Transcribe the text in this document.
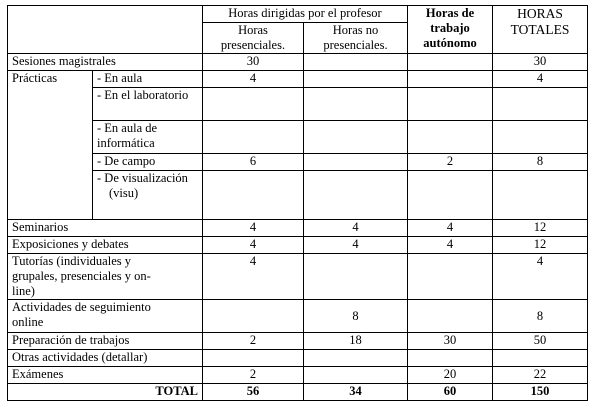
		Horas dirigidas por el profesor		Horas de trabajo autónomo	HORAS TOTALES
		Horas presenciales.	Horas no presenciales.		
Sesiones magistrales		30			30
Prácticas	- En aula	4			4
	- En el laboratorio				
	- En aula de informática				
	- De campo	6		2	8
	- De visualización (visu)				
Seminarios		4	4	4	12
Exposiciones y debates		4	4	4	12
Tutorías (individuales y grupales, presenciales y on-line)		4			4
Actividades de seguimiento online			8		8
Preparación de trabajos		2	18	30	50
Otras actividades (detallar)					
Exámenes		2		20	22
TOTAL		56	34	60	150
